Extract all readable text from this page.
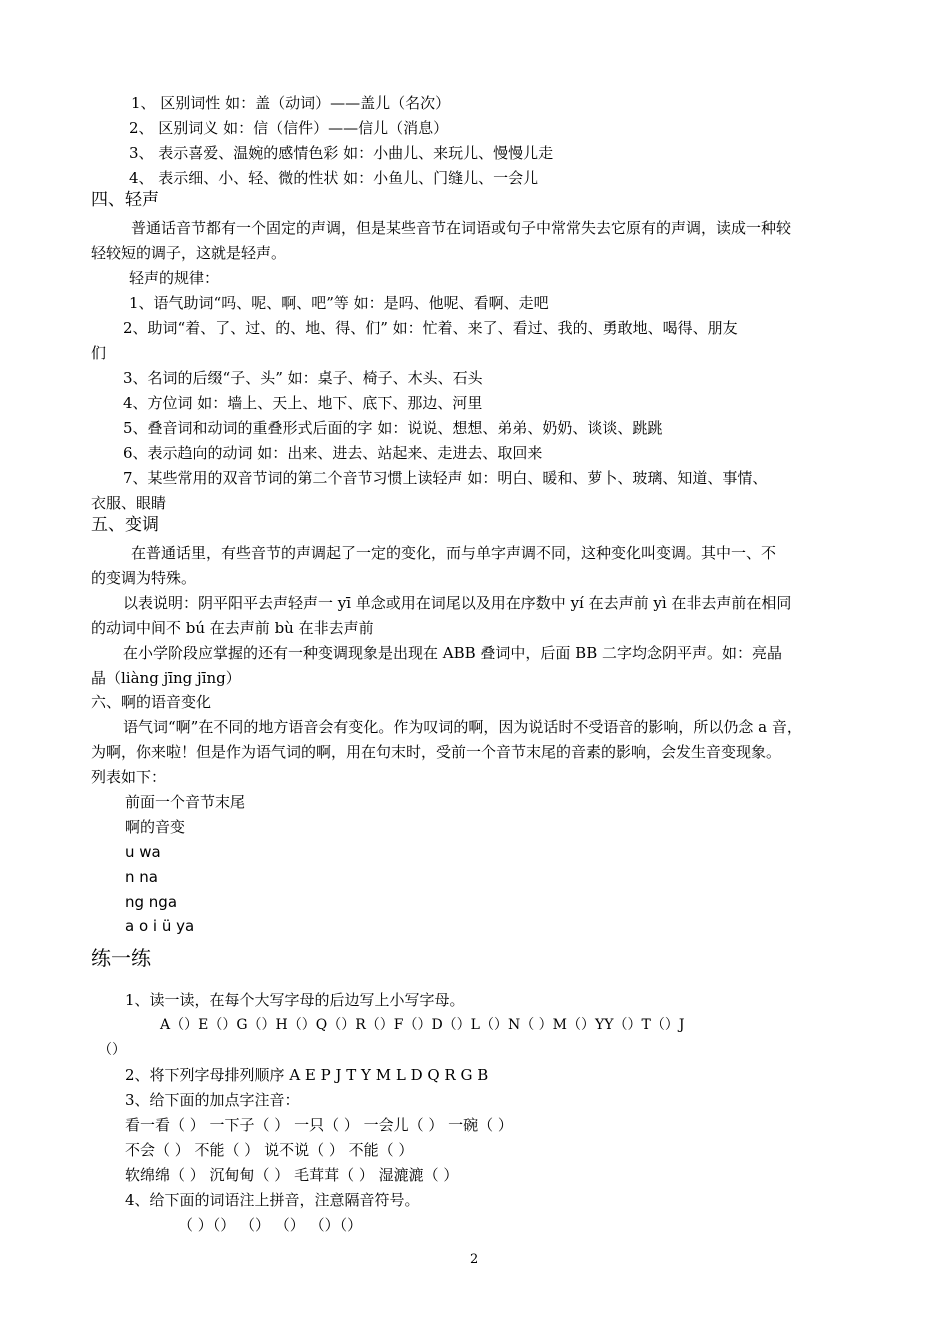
1、 区别词性 如：盖（动词）——盖儿（名次）
2、 区别词义 如：信（信件）——信儿（消息）
3、 表示喜爱、温婉的感情色彩 如：小曲儿、来玩儿、慢慢儿走
4、 表示细、小、轻、微的性状 如：小鱼儿、门缝儿、一会儿
四、轻声
普通话音节都有一个固定的声调，但是某些音节在词语或句子中常常失去它原有的声调，读成一种较
轻较短的调子，这就是轻声。
轻声的规律：
1、语气助词“吗、呢、啊、吧”等 如：是吗、他呢、看啊、走吧
2、助词“着、了、过、的、地、得、们” 如：忙着、来了、看过、我的、勇敢地、喝得、朋友
们
3、名词的后缀“子、头” 如：桌子、椅子、木头、石头
4、方位词 如：墙上、天上、地下、底下、那边、河里
5、叠音词和动词的重叠形式后面的字 如：说说、想想、弟弟、奶奶、谈谈、跳跳
6、表示趋向的动词 如：出来、进去、站起来、走进去、取回来
7、某些常用的双音节词的第二个音节习惯上读轻声 如：明白、暖和、萝卜、玻璃、知道、事情、
衣服、眼睛
五、变调
在普通话里，有些音节的声调起了一定的变化，而与单字声调不同，这种变化叫变调。其中一、不
的变调为特殊。
以表说明：阴平阳平去声轻声一 yī 单念或用在词尾以及用在序数中 yí 在去声前 yì 在非去声前在相同
的动词中间不 bú 在去声前 bù 在非去声前
在小学阶段应掌握的还有一种变调现象是出现在 ABB 叠词中，后面 BB 二字均念阴平声。如：亮晶
晶（liàng jīng jīng）
六、啊的语音变化
语气词“啊”在不同的地方语音会有变化。作为叹词的啊，因为说话时不受语音的影响，所以仍念 a 音，
为啊，你来啦！但是作为语气词的啊，用在句末时，受前一个音节末尾的音素的影响，会发生音变现象。
列表如下：
前面一个音节末尾
啊的音变
u wa
n na
ng nga
a o i ü ya
练一练
1、读一读，在每个大写字母的后边写上小写字母。
A（）E（）G（）H（）Q（）R（）F（）D（）L（）N（ ）M（）YY（）T（）J
（）
2、将下列字母排列顺序 A E P J T Y M L D Q R G B
3、给下面的加点字注音：
看一看（ ） 一下子（ ） 一只（ ） 一会儿（ ） 一碗（ ）
不会（ ） 不能（ ） 说不说（ ） 不能（ ）
软绵绵（ ） 沉甸甸（ ） 毛茸茸（ ） 湿漉漉（ ）
4、给下面的词语注上拼音，注意隔音符号。
（ ）（） （） （） （）（）
2
